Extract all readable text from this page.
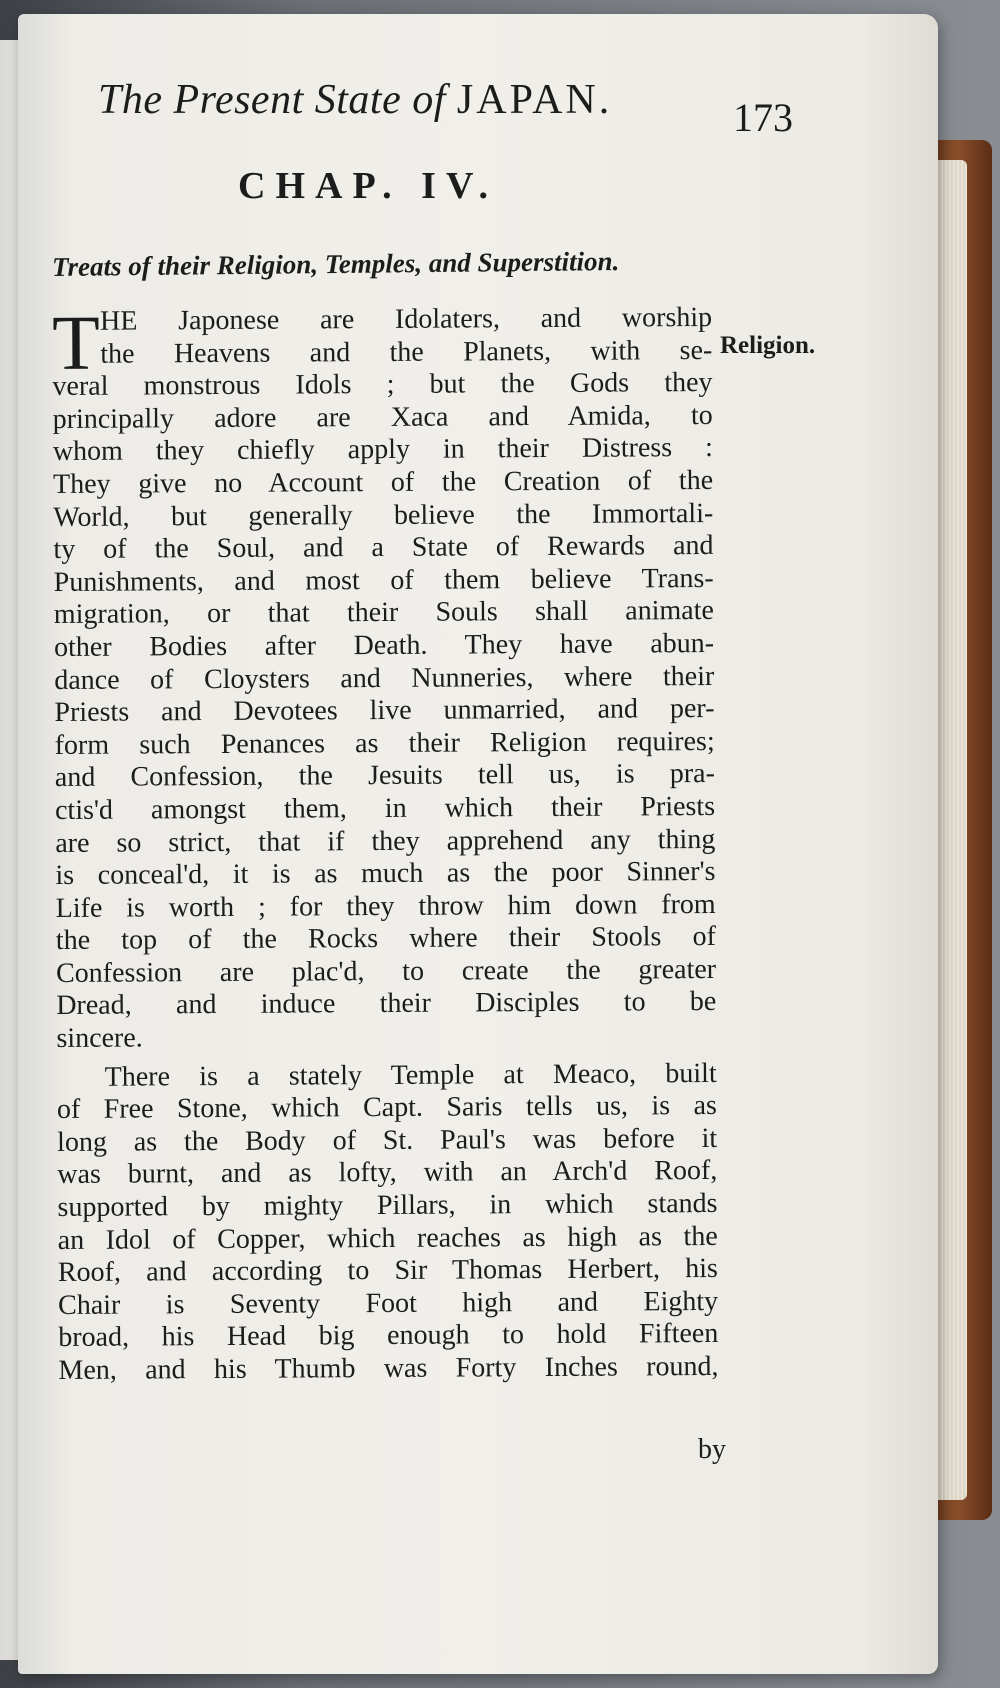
The Present State of JAPAN.	173
CHAP. IV.
Treats of their Religion, Temples, and Superstition.
Religion.
T HE Japonese are Idolaters, and worship
the Heavens and the Planets, with se-
veral monstrous Idols ; but the Gods they
principally adore are Xaca and Amida, to
whom they chiefly apply in their Distress :
They give no Account of the Creation of the
World, but generally believe the Immortali-
ty of the Soul, and a State of Rewards and
Punishments, and most of them believe Trans-
migration, or that their Souls shall animate
other Bodies after Death. They have abun-
dance of Cloysters and Nunneries, where their
Priests and Devotees live unmarried, and per-
form such Penances as their Religion requires;
and Confession, the Jesuits tell us, is pra-
ctis'd amongst them, in which their Priests
are so strict, that if they apprehend any thing
is conceal'd, it is as much as the poor Sinner's
Life is worth ; for they throw him down from
the top of the Rocks where their Stools of
Confession are plac'd, to create the greater
Dread, and induce their Disciples to be
sincere.
There is a stately Temple at Meaco, built
of Free Stone, which Capt. Saris tells us, is as
long as the Body of St. Paul's was before it
was burnt, and as lofty, with an Arch'd Roof,
supported by mighty Pillars, in which stands
an Idol of Copper, which reaches as high as the
Roof, and according to Sir Thomas Herbert, his
Chair is Seventy Foot high and Eighty
broad, his Head big enough to hold Fifteen
Men, and his Thumb was Forty Inches round,
by
